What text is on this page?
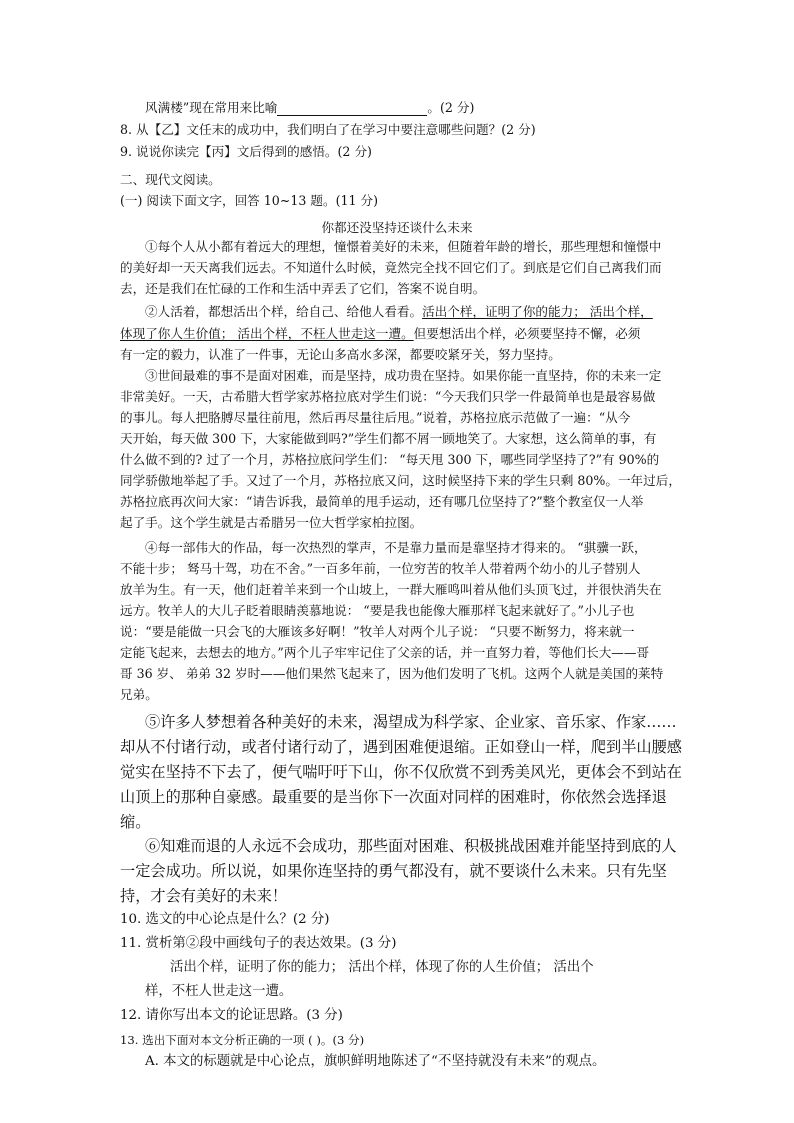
风满楼”现在常用来比喻	。(2 分)
8. 从【乙】文任末的成功中，我们明白了在学习中要注意哪些问题？(2 分)
9. 说说你读完【丙】文后得到的感悟。(2 分)
二、现代文阅读。
(一) 阅读下面文字，回答 10~13 题。(11 分)
你都还没坚持还谈什么未来
①每个人从小都有着远大的理想，憧憬着美好的未来，但随着年龄的增长，那些理想和憧憬中
的美好却一天天离我们远去。不知道什么时候，竟然完全找不回它们了。到底是它们自己离我们而
去，还是我们在忙碌的工作和生活中弄丢了它们，答案不说自明。
②人活着，都想活出个样，给自己、给他人看看。活出个样，证明了你的能力； 活出个样，
体现了你人生价值； 活出个样，不枉人世走这一遭。但要想活出个样，必须要坚持不懈，必须
有一定的毅力，认准了一件事，无论山多高水多深，都要咬紧牙关，努力坚持。
③世间最难的事不是面对困难，而是坚持，成功贵在坚持。如果你能一直坚持，你的未来一定
非常美好。一天，古希腊大哲学家苏格拉底对学生们说：“今天我们只学一件最简单也是最容易做
的事儿。每人把胳膊尽量往前甩，然后再尽量往后甩。”说着，苏格拉底示范做了一遍：“从今
天开始，每天做 300 下，大家能做到吗?”学生们都不屑一顾地笑了。大家想，这么简单的事，有
什么做不到的? 过了一个月，苏格拉底问学生们： “每天甩 300 下，哪些同学坚持了?”有 90%的
同学骄傲地举起了手。又过了一个月，苏格拉底又问，这时候坚持下来的学生只剩 80%。一年过后，
苏格拉底再次问大家：“请告诉我，最简单的甩手运动，还有哪几位坚持了?”整个教室仅一人举
起了手。这个学生就是古希腊另一位大哲学家柏拉图。
④每一部伟大的作品，每一次热烈的掌声，不是靠力量而是靠坚持才得来的。 “骐骥一跃，
不能十步； 驽马十驾，功在不舍。”一百多年前，一位穷苦的牧羊人带着两个幼小的儿子替别人
放羊为生。有一天，他们赶着羊来到一个山坡上，一群大雁鸣叫着从他们头顶飞过，并很快消失在
远方。牧羊人的大儿子眨着眼睛羡慕地说： “要是我也能像大雁那样飞起来就好了。”小儿子也
说：“要是能做一只会飞的大雁该多好啊！”牧羊人对两个儿子说： “只要不断努力，将来就一
定能飞起来，去想去的地方。”两个儿子牢牢记住了父亲的话，并一直努力着，等他们长大——哥
哥 36 岁、 弟弟 32 岁时——他们果然飞起来了，因为他们发明了飞机。这两个人就是美国的莱特
兄弟。
⑤许多人梦想着各种美好的未来，渴望成为科学家、企业家、音乐家、作家……
却从不付诸行动，或者付诸行动了，遇到困难便退缩。正如登山一样，爬到半山腰感
觉实在坚持不下去了，便气喘吁吁下山，你不仅欣赏不到秀美风光，更体会不到站在
山顶上的那种自豪感。最重要的是当你下一次面对同样的困难时，你依然会选择退
缩。
⑥知难而退的人永远不会成功，那些面对困难、积极挑战困难并能坚持到底的人
一定会成功。所以说，如果你连坚持的勇气都没有，就不要谈什么未来。只有先坚
持，才会有美好的未来！
10. 选文的中心论点是什么？(2 分)
11. 赏析第②段中画线句子的表达效果。(3 分)
活出个样，证明了你的能力； 活出个样，体现了你的人生价值； 活出个
样，不枉人世走这一遭。
12. 请你写出本文的论证思路。(3 分)
13. 选出下面对本文分析正确的一项 ( )。(3 分)
A. 本文的标题就是中心论点，旗帜鲜明地陈述了“不坚持就没有未来”的观点。
